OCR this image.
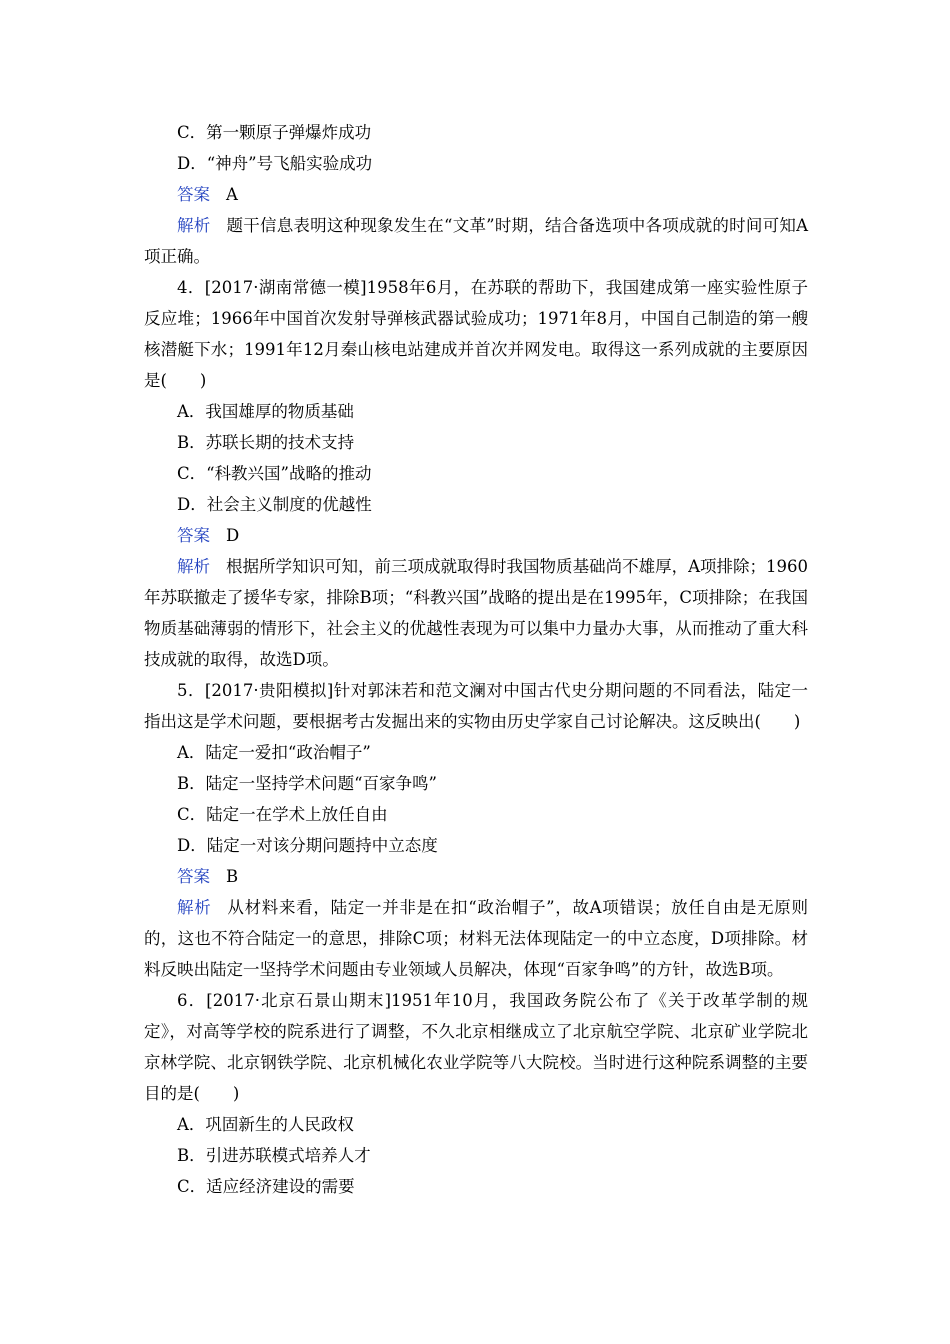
C．第一颗原子弹爆炸成功
D．“神舟”号飞船实验成功
答案 A
解析 题干信息表明这种现象发生在“文革”时期，结合备选项中各项成就的时间可知A项正确。
4．[2017·湖南常德一模]1958年6月，在苏联的帮助下，我国建成第一座实验性原子反应堆；1966年中国首次发射导弹核武器试验成功；1971年8月，中国自己制造的第一艘核潜艇下水；1991年12月秦山核电站建成并首次并网发电。取得这一系列成就的主要原因是(　　)
A．我国雄厚的物质基础
B．苏联长期的技术支持
C．“科教兴国”战略的推动
D．社会主义制度的优越性
答案 D
解析 根据所学知识可知，前三项成就取得时我国物质基础尚不雄厚，A项排除；1960年苏联撤走了援华专家，排除B项；“科教兴国”战略的提出是在1995年，C项排除；在我国物质基础薄弱的情形下，社会主义的优越性表现为可以集中力量办大事，从而推动了重大科技成就的取得，故选D项。
5．[2017·贵阳模拟]针对郭沫若和范文澜对中国古代史分期问题的不同看法，陆定一指出这是学术问题，要根据考古发掘出来的实物由历史学家自己讨论解决。这反映出(　　)
A．陆定一爱扣“政治帽子”
B．陆定一坚持学术问题“百家争鸣”
C．陆定一在学术上放任自由
D．陆定一对该分期问题持中立态度
答案 B
解析 从材料来看，陆定一并非是在扣“政治帽子”，故A项错误；放任自由是无原则的，这也不符合陆定一的意思，排除C项；材料无法体现陆定一的中立态度，D项排除。材料反映出陆定一坚持学术问题由专业领域人员解决，体现“百家争鸣”的方针，故选B项。
6．[2017·北京石景山期末]1951年10月，我国政务院公布了《关于改革学制的规定》，对高等学校的院系进行了调整，不久北京相继成立了北京航空学院、北京矿业学院北京林学院、北京钢铁学院、北京机械化农业学院等八大院校。当时进行这种院系调整的主要目的是(　　)
A．巩固新生的人民政权
B．引进苏联模式培养人才
C．适应经济建设的需要
